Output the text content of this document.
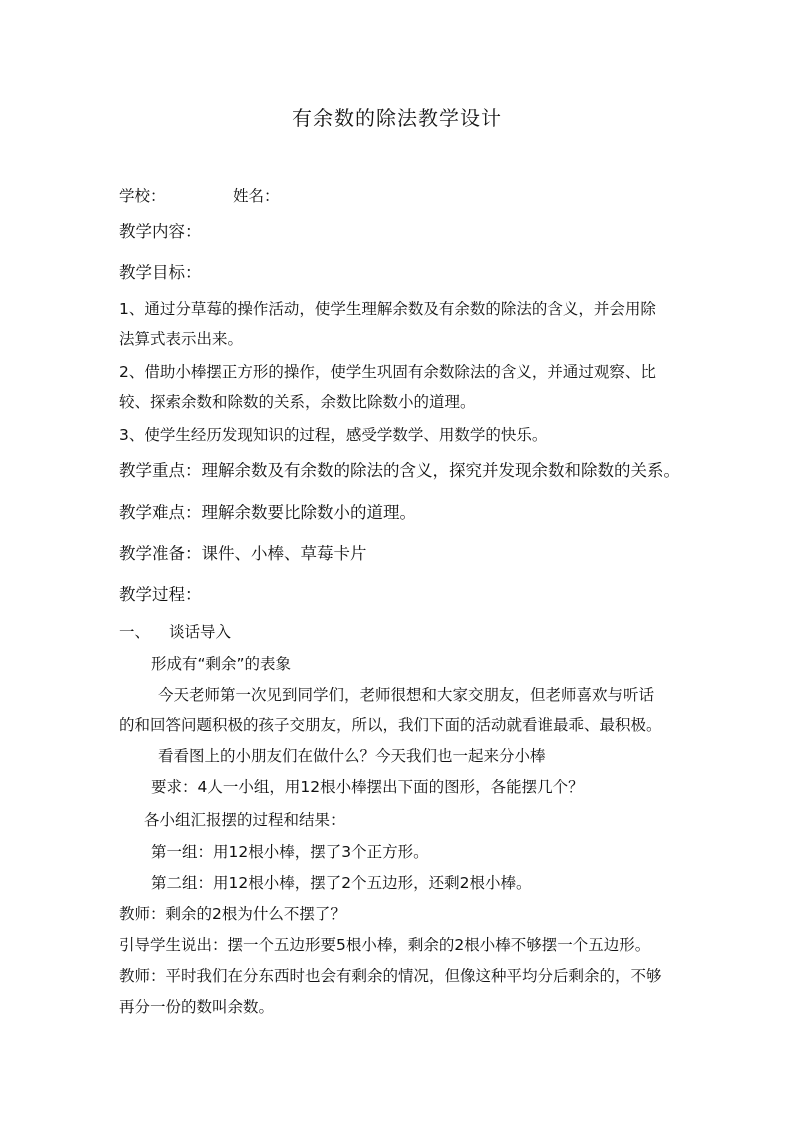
有余数的除法教学设计
学校：	姓名：
教学内容：
教学目标：
1、通过分草莓的操作活动，使学生理解余数及有余数的除法的含义，并会用除
法算式表示出来。
2、借助小棒摆正方形的操作，使学生巩固有余数除法的含义，并通过观察、比
较、探索余数和除数的关系，余数比除数小的道理。
3、使学生经历发现知识的过程，感受学数学、用数学的快乐。
教学重点：理解余数及有余数的除法的含义，探究并发现余数和除数的关系。
教学难点：理解余数要比除数小的道理。
教学准备：课件、小棒、草莓卡片
教学过程：
一、 谈话导入
形成有“剩余”的表象
今天老师第一次见到同学们，老师很想和大家交朋友，但老师喜欢与听话
的和回答问题积极的孩子交朋友，所以，我们下面的活动就看谁最乖、最积极。
看看图上的小朋友们在做什么？今天我们也一起来分小棒
要求：4人一小组，用12根小棒摆出下面的图形，各能摆几个？
各小组汇报摆的过程和结果：
第一组：用12根小棒，摆了3个正方形。
第二组：用12根小棒，摆了2个五边形，还剩2根小棒。
教师：剩余的2根为什么不摆了？
引导学生说出：摆一个五边形要5根小棒，剩余的2根小棒不够摆一个五边形。
教师：平时我们在分东西时也会有剩余的情况，但像这种平均分后剩余的，不够
再分一份的数叫余数。
